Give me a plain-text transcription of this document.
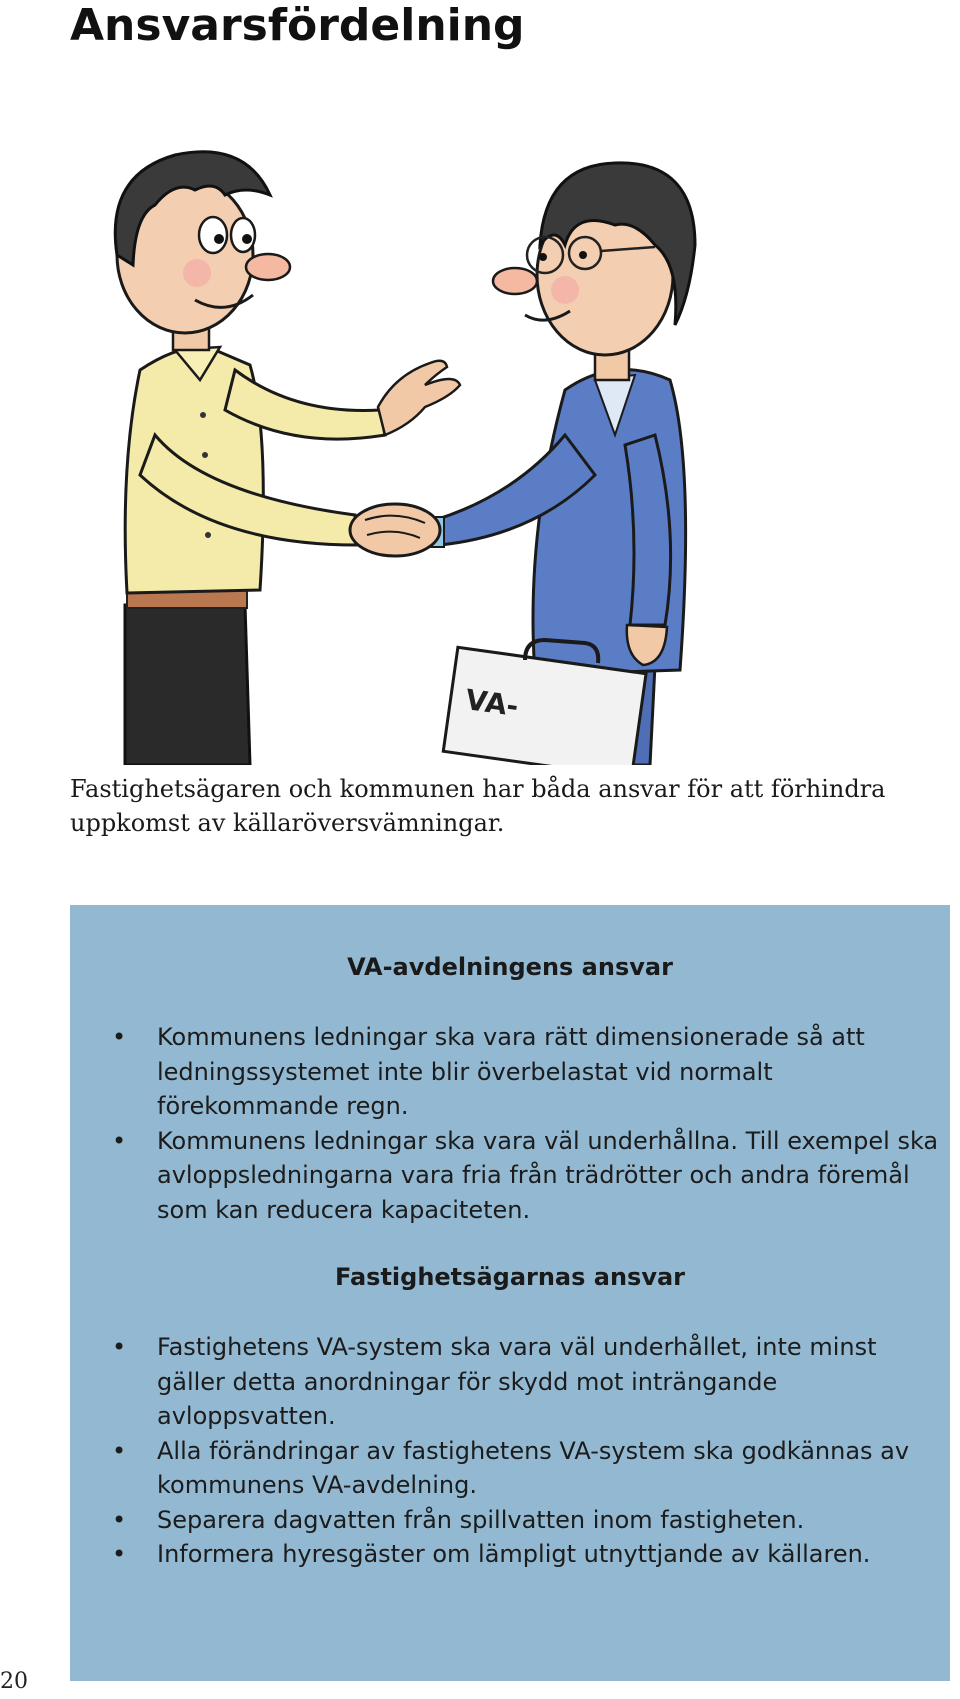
Ansvarsfördelning
VA-

Fastighetsägaren och kommunen har båda ansvar för att förhindra uppkomst av källaröversvämningar.

VA-avdelningens ansvar
• Kommunens ledningar ska vara rätt dimensionerade så att ledningssystemet inte blir överbelastat vid normalt förekommande regn.
• Kommunens ledningar ska vara väl underhållna. Till exempel ska avloppsledningarna vara fria från trädrötter och andra föremål som kan reducera kapaciteten.
Fastighetsägarnas ansvar
• Fastighetens VA-system ska vara väl underhållet, inte minst gäller detta anordningar för skydd mot inträngande avloppsvatten.
• Alla förändringar av fastighetens VA-system ska godkännas av kommunens VA-avdelning.
• Separera dagvatten från spillvatten inom fastigheten.
• Informera hyresgäster om lämpligt utnyttjande av källaren.
20
